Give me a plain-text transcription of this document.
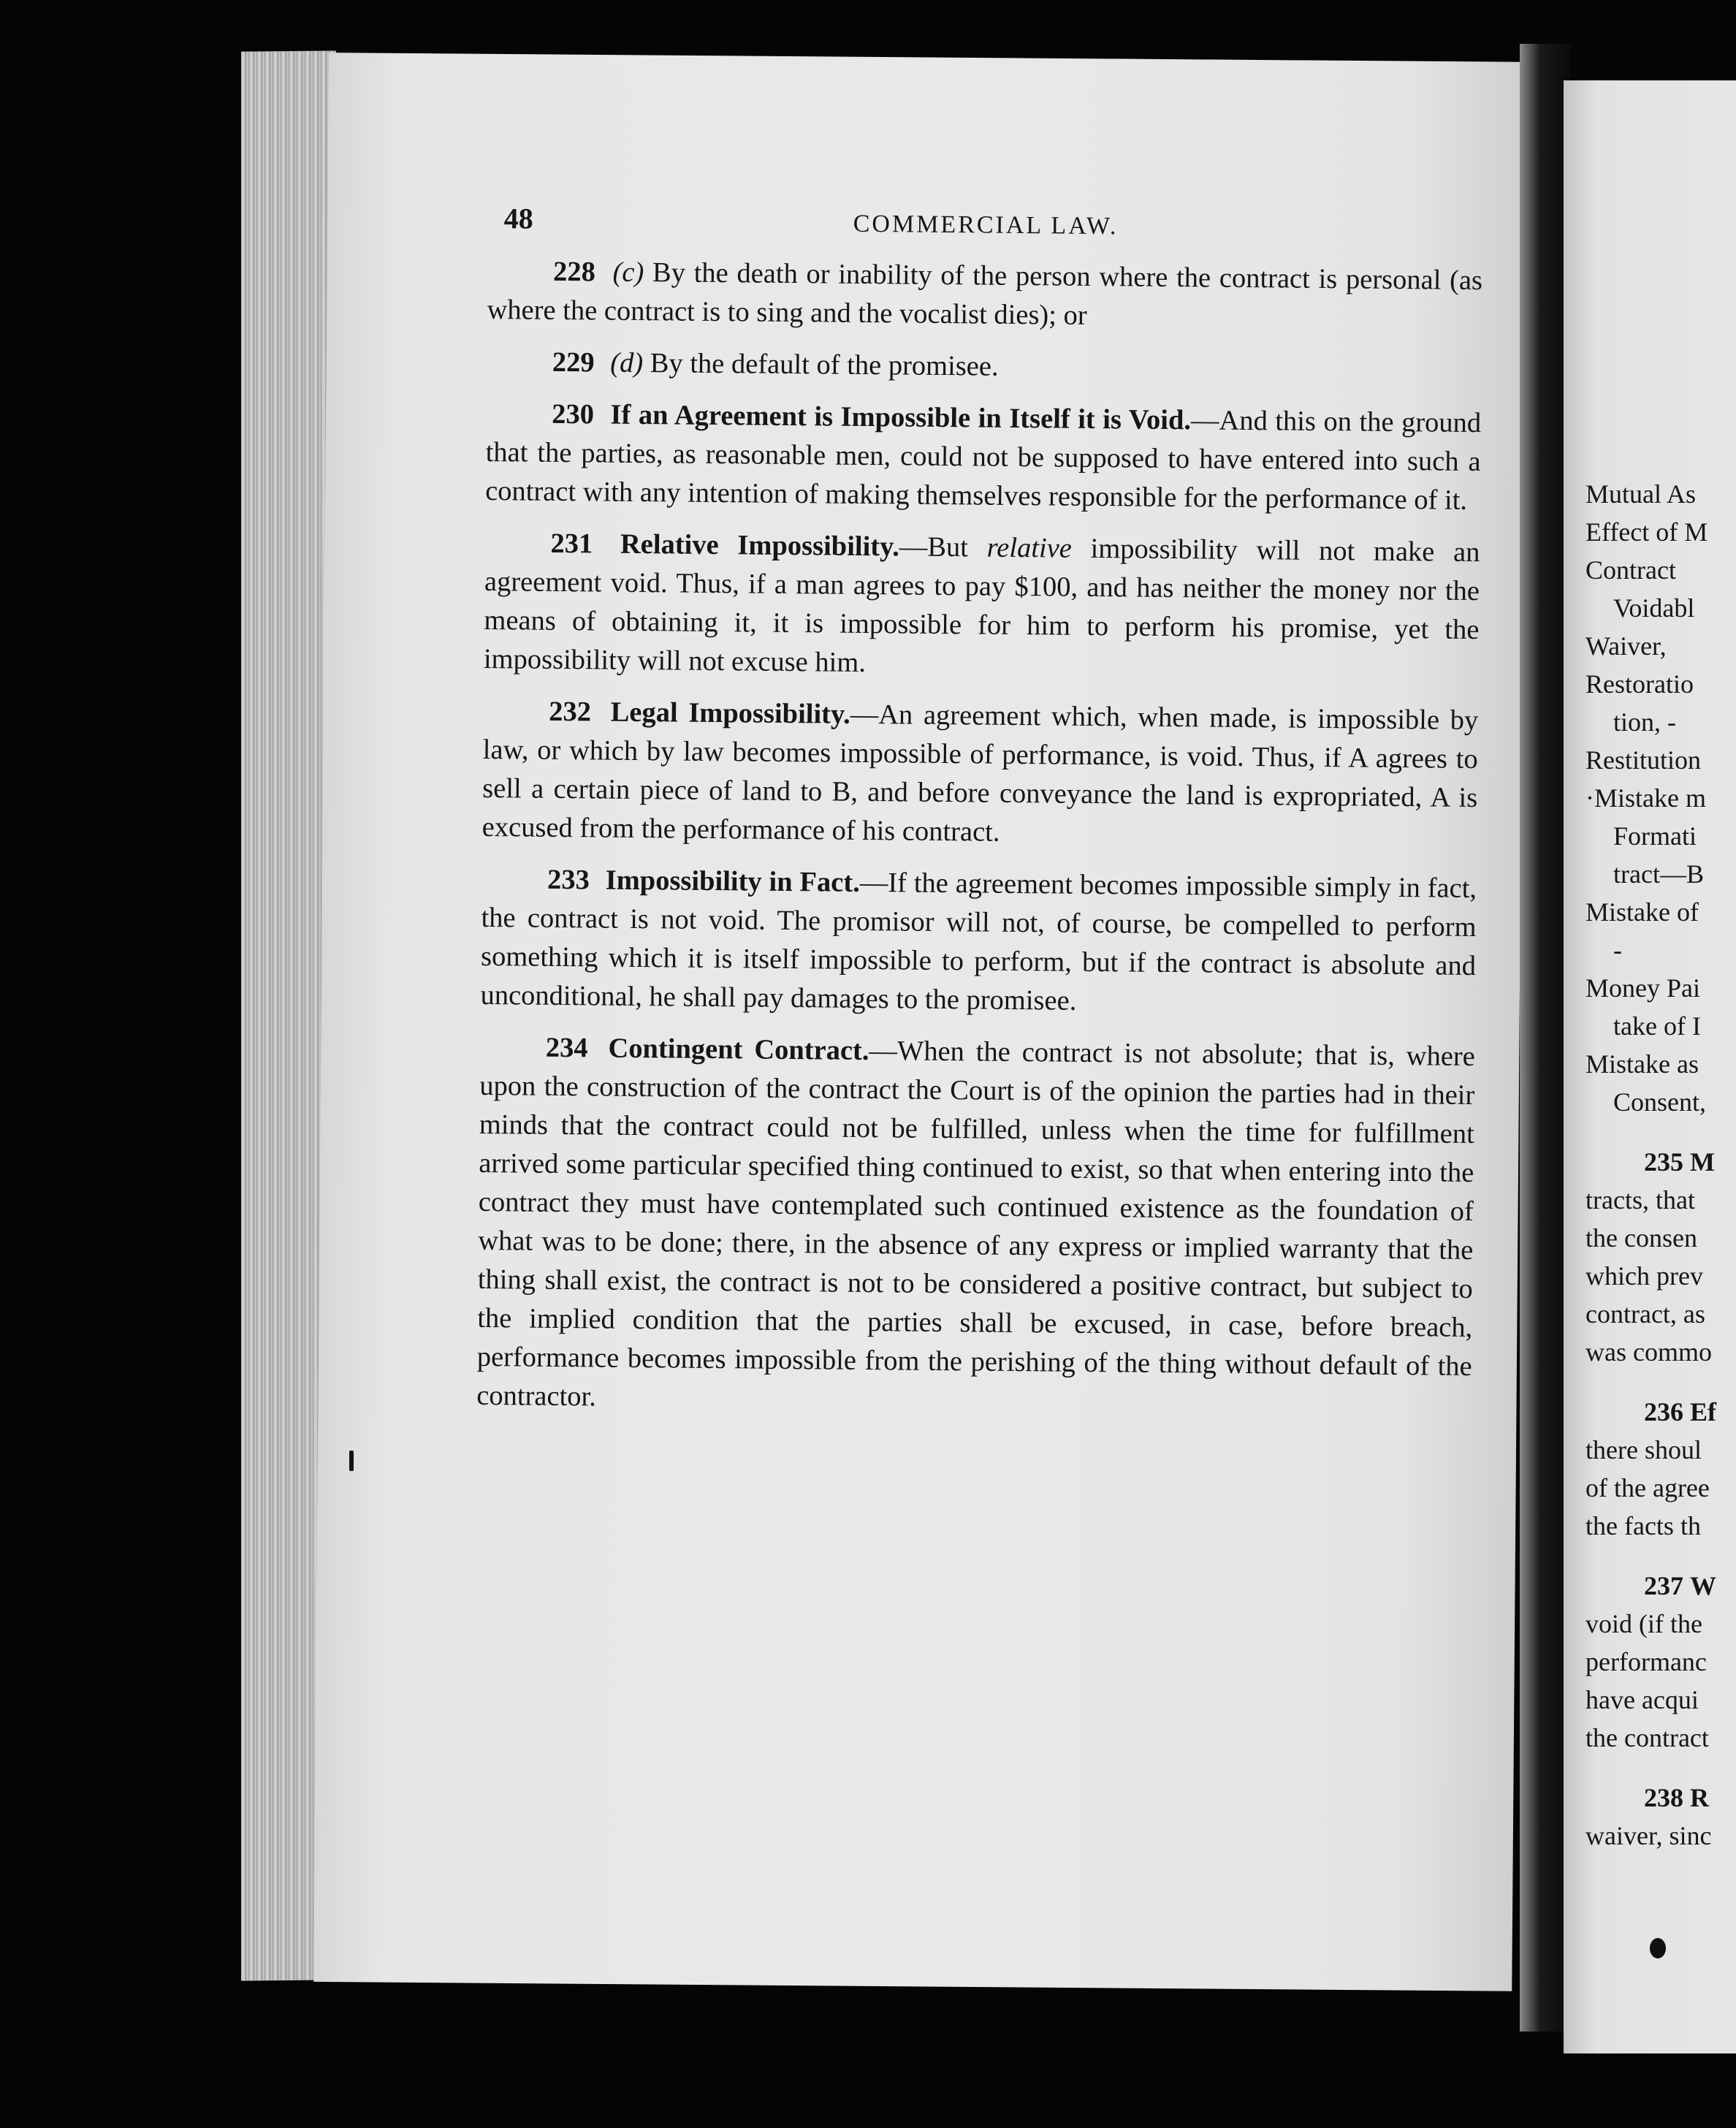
48	COMMERCIAL LAW.

228 (c) By the death or inability of the person where the contract is personal (as where the contract is to sing and the vocalist dies); or

229 (d) By the default of the promisee.

230 If an Agreement is Impossible in Itself it is Void.—And this on the ground that the parties, as reasonable men, could not be supposed to have entered into such a contract with any intention of making themselves responsible for the performance of it.

231 Relative Impossibility.—But relative impossibility will not make an agreement void. Thus, if a man agrees to pay $100, and has neither the money nor the means of obtaining it, it is impossible for him to perform his promise, yet the impossibility will not excuse him.

232 Legal Impossibility.—An agreement which, when made, is impossible by law, or which by law becomes impossible of performance, is void. Thus, if A agrees to sell a certain piece of land to B, and before conveyance the land is expropriated, A is excused from the performance of his contract.

233 Impossibility in Fact.—If the agreement becomes impossible simply in fact, the contract is not void. The promisor will not, of course, be compelled to perform something which it is itself impossible to perform, but if the contract is absolute and unconditional, he shall pay damages to the promisee.

234 Contingent Contract.—When the contract is not absolute; that is, where upon the construction of the contract the Court is of the opinion the parties had in their minds that the contract could not be fulfilled, unless when the time for fulfillment arrived some particular specified thing continued to exist, so that when entering into the contract they must have contemplated such continued existence as the foundation of what was to be done; there, in the absence of any express or implied warranty that the thing shall exist, the contract is not to be considered a positive contract, but subject to the implied condition that the parties shall be excused, in case, before breach, performance becomes impossible from the perishing of the thing without default of the contractor.

Mutual As
Effect of M
Contract
Voidabl
Waiver,
Restoratio
tion, -
Restitution
·Mistake m
Formati
tract—B
Mistake of
-
Money Pai
take of I
Mistake as
Consent,
235 M
tracts, that
the consen
which prev
contract, as
was commo
236 Ef
there shoul
of the agree
the facts th
237 W
void (if the
performanc
have acqui
the contract
238 R
waiver, sinc
